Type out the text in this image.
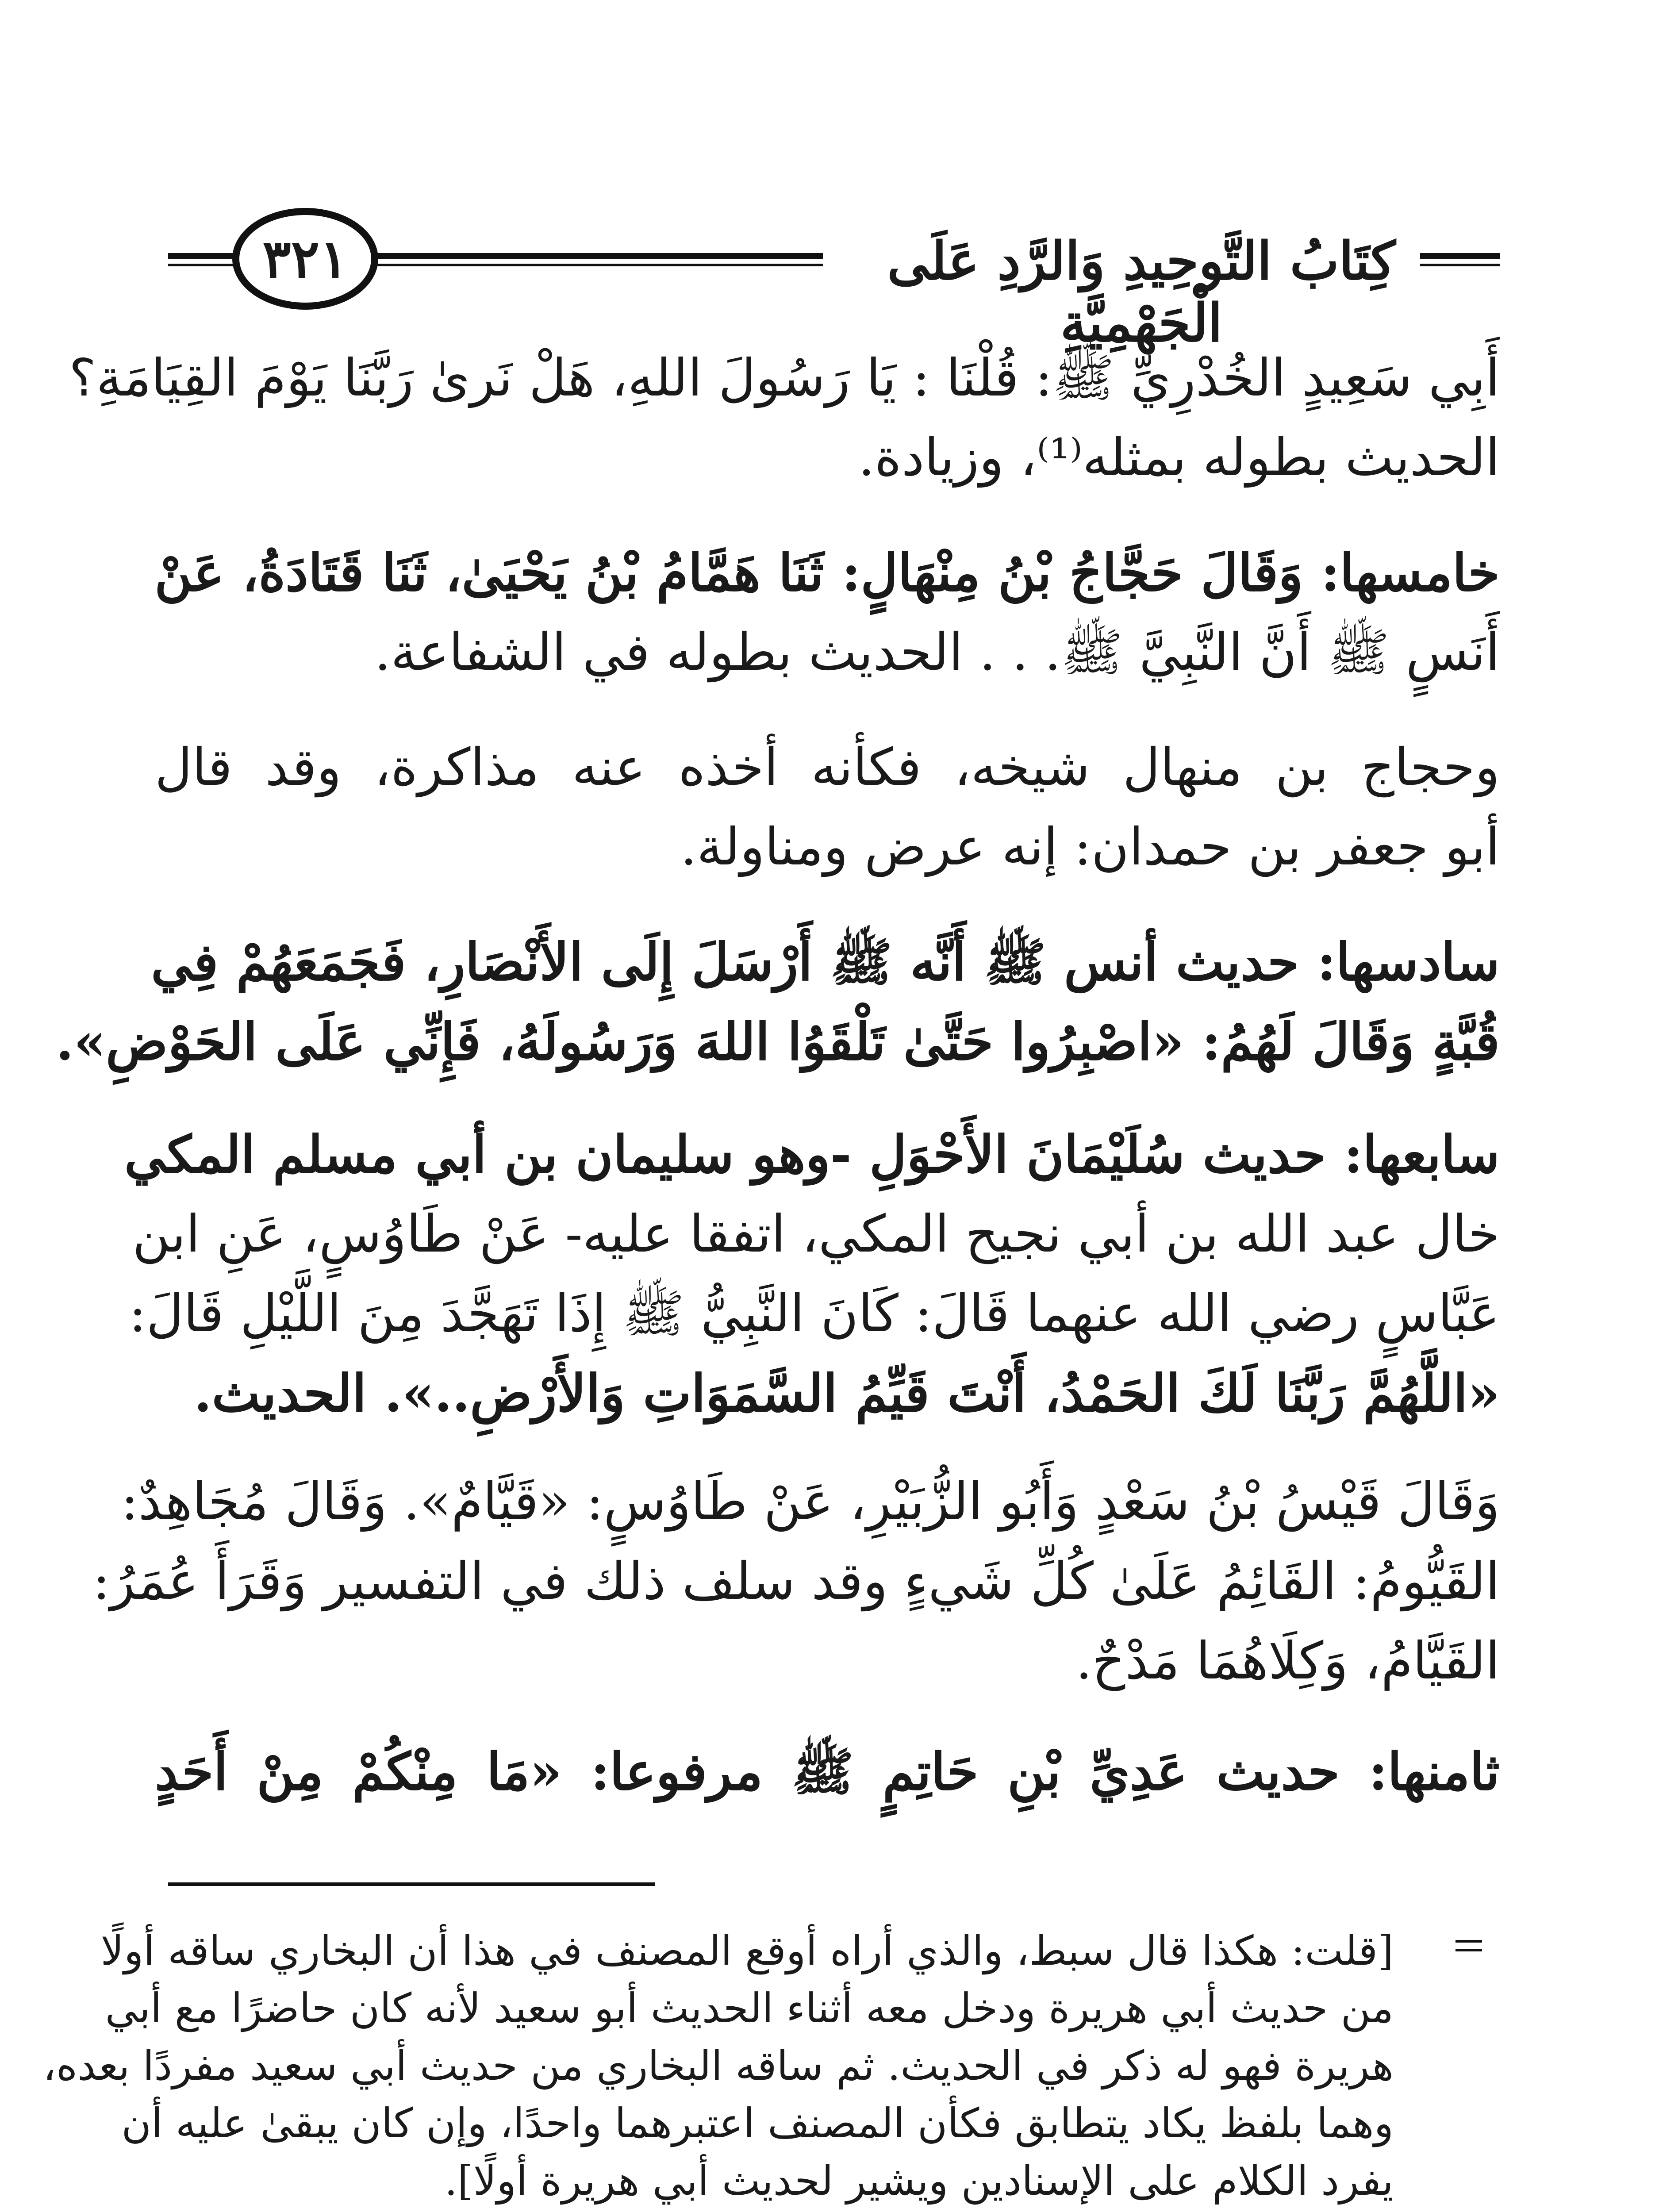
كِتَابُ التَّوحِيدِ وَالرَّدِ عَلَى الْجَهْمِيَّةِ
٣٢١
أَبِي سَعِيدٍ الخُدْرِيِّ ﷺ: قُلْنَا : يَا رَسُولَ اللهِ، هَلْ نَرىٰ رَبَّنَا يَوْمَ القِيَامَةِ؟
الحديث بطوله بمثله⁽¹⁾، وزيادة.
خامسها: وَقَالَ حَجَّاجُ بْنُ مِنْهَالٍ: ثَنَا هَمَّامُ بْنُ يَحْيَىٰ، ثَنَا قَتَادَةُ، عَنْ
أَنَسٍ ﷺ أَنَّ النَّبِيَّ ﷺ. . . الحديث بطوله في الشفاعة.
وحجاج بن منهال شيخه، فكأنه أخذه عنه مذاكرة، وقد قال
أبو جعفر بن حمدان: إنه عرض ومناولة.
سادسها: حديث أنس ﷺ أَنَّه ﷺ أَرْسَلَ إِلَى الأَنْصَارِ، فَجَمَعَهُمْ فِي
قُبَّةٍ وَقَالَ لَهُمُ: «اصْبِرُوا حَتَّىٰ تَلْقَوُا اللهَ وَرَسُولَهُ، فَإِنِّي عَلَى الحَوْضِ».
سابعها: حديث سُلَيْمَانَ الأَحْوَلِ -وهو سليمان بن أبي مسلم المكي
خال عبد الله بن أبي نجيح المكي، اتفقا عليه- عَنْ طَاوُسٍ، عَنِ ابن
عَبَّاسٍ رضي الله عنهما قَالَ: كَانَ النَّبِيُّ ﷺ إِذَا تَهَجَّدَ مِنَ اللَّيْلِ قَالَ:
«اللَّهُمَّ رَبَّنَا لَكَ الحَمْدُ، أَنْتَ قَيِّمُ السَّمَوَاتِ وَالأَرْضِ..». الحديث.
وَقَالَ قَيْسُ بْنُ سَعْدٍ وَأَبُو الزُّبَيْرِ، عَنْ طَاوُسٍ: «قَيَّامٌ». وَقَالَ مُجَاهِدٌ:
القَيُّومُ: القَائِمُ عَلَىٰ كُلِّ شَيءٍ وقد سلف ذلك في التفسير وَقَرَأَ عُمَرُ:
القَيَّامُ، وَكِلَاهُمَا مَدْحٌ.
ثامنها: حديث عَدِيِّ بْنِ حَاتِمٍ ﷺ مرفوعا: «مَا مِنْكُمْ مِنْ أَحَدٍ
[قلت: هكذا قال سبط، والذي أراه أوقع المصنف في هذا أن البخاري ساقه أولًا
من حديث أبي هريرة ودخل معه أثناء الحديث أبو سعيد لأنه كان حاضرًا مع أبي
هريرة فهو له ذكر في الحديث. ثم ساقه البخاري من حديث أبي سعيد مفردًا بعده،
وهما بلفظ يكاد يتطابق فكأن المصنف اعتبرهما واحدًا، وإن كان يبقىٰ عليه أن
يفرد الكلام على الإسنادين ويشير لحديث أبي هريرة أولًا].
